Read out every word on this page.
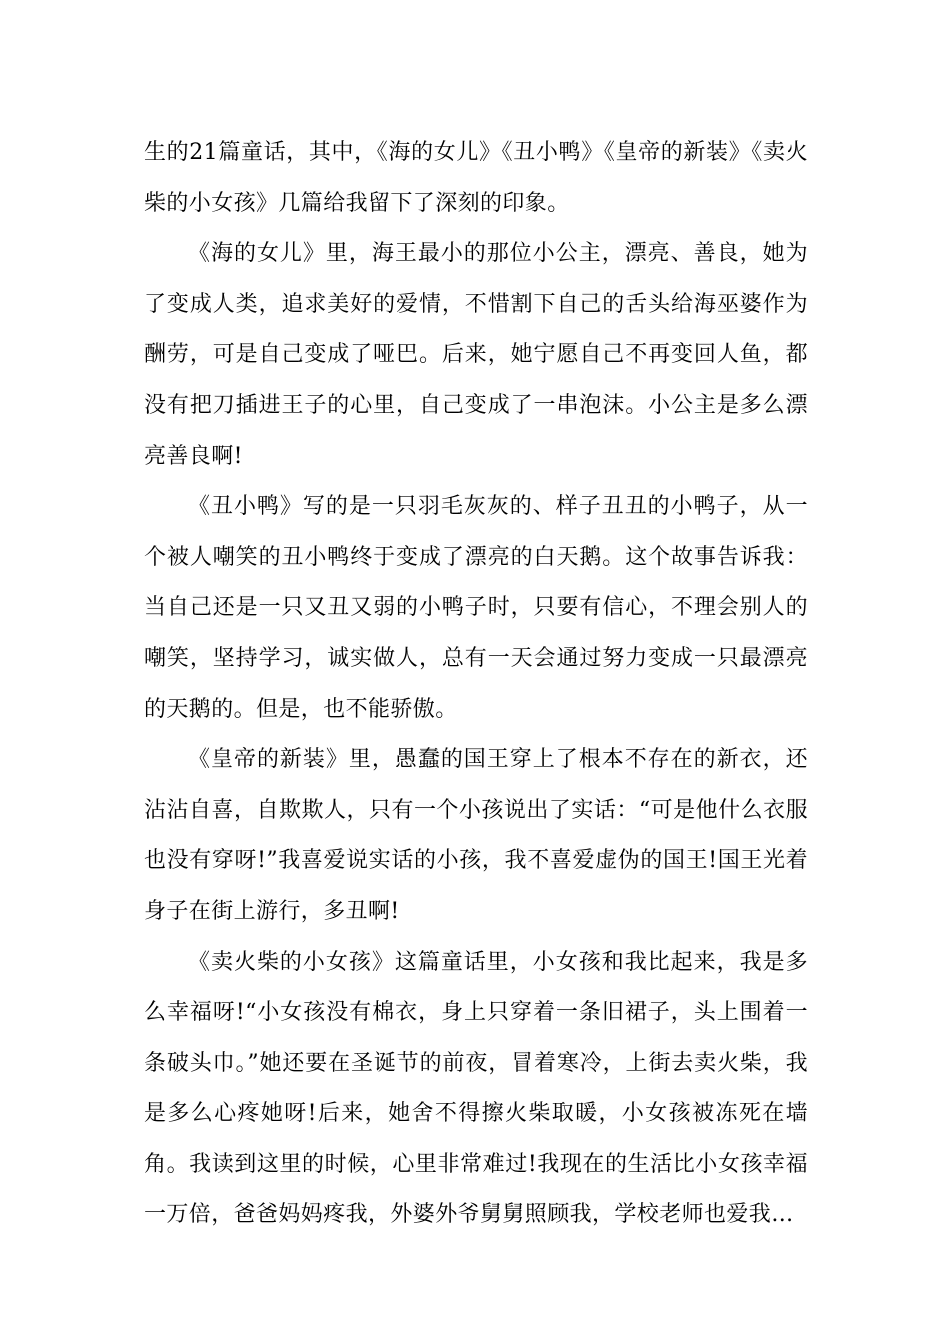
生的21篇童话，其中，《海的女儿》《丑小鸭》《皇帝的新装》《卖火柴的小女孩》几篇给我留下了深刻的印象。

《海的女儿》里，海王最小的那位小公主，漂亮、善良，她为了变成人类，追求美好的爱情，不惜割下自己的舌头给海巫婆作为酬劳，可是自己变成了哑巴。后来，她宁愿自己不再变回人鱼，都没有把刀插进王子的心里，自己变成了一串泡沫。小公主是多么漂亮善良啊!

《丑小鸭》写的是一只羽毛灰灰的、样子丑丑的小鸭子，从一个被人嘲笑的丑小鸭终于变成了漂亮的白天鹅。这个故事告诉我：当自己还是一只又丑又弱的小鸭子时，只要有信心，不理会别人的嘲笑，坚持学习，诚实做人，总有一天会通过努力变成一只最漂亮的天鹅的。但是，也不能骄傲。

《皇帝的新装》里，愚蠢的国王穿上了根本不存在的新衣，还沾沾自喜，自欺欺人，只有一个小孩说出了实话：“可是他什么衣服也没有穿呀!”我喜爱说实话的小孩，我不喜爱虚伪的国王!国王光着身子在街上游行，多丑啊!

《卖火柴的小女孩》这篇童话里，小女孩和我比起来，我是多么幸福呀!“小女孩没有棉衣，身上只穿着一条旧裙子，头上围着一条破头巾。”她还要在圣诞节的前夜，冒着寒冷，上街去卖火柴，我是多么心疼她呀!后来，她舍不得擦火柴取暖，小女孩被冻死在墙角。我读到这里的时候，心里非常难过!我现在的生活比小女孩幸福一万倍，爸爸妈妈疼我，外婆外爷舅舅照顾我，学校老师也爱我…
